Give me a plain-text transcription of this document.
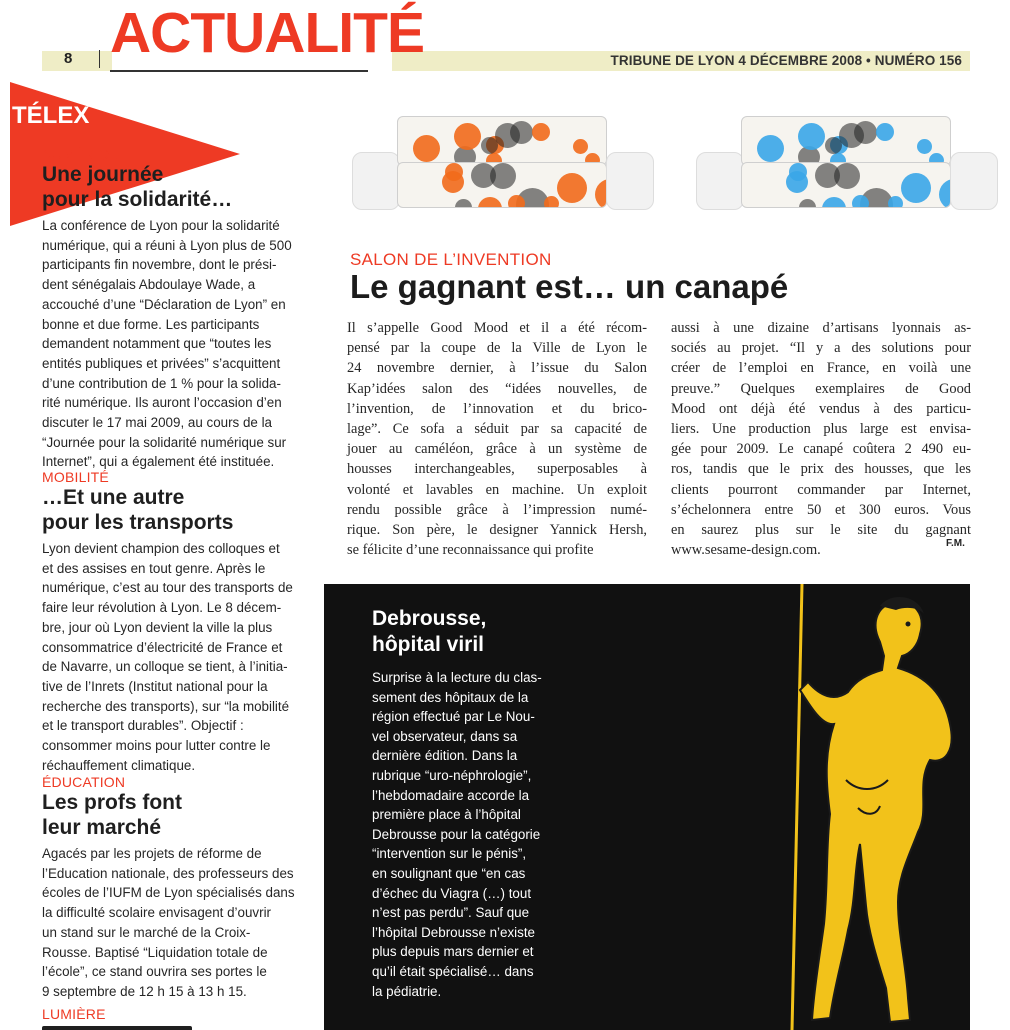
8 ACTUALITÉ	TRIBUNE DE LYON 4 DÉCEMBRE 2008 • NUMÉRO 156
TÉLEX
NUMÉRIQUE
Une journée
pour la solidarité…
La conférence de Lyon pour la solidarité
numérique, qui a réuni à Lyon plus de 500
participants fin novembre, dont le prési-
dent sénégalais Abdoulaye Wade, a
accouché d’une “Déclaration de Lyon” en
bonne et due forme. Les participants
demandent notamment que “toutes les
entités publiques et privées” s’acquittent
d’une contribution de 1 % pour la solida-
rité numérique. Ils auront l’occasion d’en
discuter le 17 mai 2009, au cours de la
“Journée pour la solidarité numérique sur
Internet”, qui a également été instituée.
MOBILITÉ
…Et une autre
pour les transports
Lyon devient champion des colloques et
et des assises en tout genre. Après le
numérique, c’est au tour des transports de
faire leur révolution à Lyon. Le 8 décem-
bre, jour où Lyon devient la ville la plus
consommatrice d’électricité de France et
de Navarre, un colloque se tient, à l’initia-
tive de l’Inrets (Institut national pour la
recherche des transports), sur “la mobilité
et le transport durables”. Objectif :
consommer moins pour lutter contre le
réchauffement climatique.
ÉDUCATION
Les profs font
leur marché
Agacés par les projets de réforme de
l’Education nationale, des professeurs des
écoles de l’IUFM de Lyon spécialisés dans
la difficulté scolaire envisagent d’ouvrir
un stand sur le marché de la Croix-
Rousse. Baptisé “Liquidation totale de
l’école”, ce stand ouvrira ses portes le
9 septembre de 12 h 15 à 13 h 15.
LUMIÈRE
SALON DE L’INVENTION
Le gagnant est… un canapé
Il s’appelle Good Mood et il a été récom-
pensé par la coupe de la Ville de Lyon le
24 novembre dernier, à l’issue du Salon
Kap’idées salon des “idées nouvelles, de
l’invention, de l’innovation et du brico-
lage”. Ce sofa a séduit par sa capacité de
jouer au caméléon, grâce à un système de
housses interchangeables, superposables à
volonté et lavables en machine. Un exploit
rendu possible grâce à l’impression numé-
rique. Son père, le designer Yannick Hersh,
se félicite d’une reconnaissance qui profite
aussi à une dizaine d’artisans lyonnais as-
sociés au projet. “Il y a des solutions pour
créer de l’emploi en France, en voilà une
preuve.” Quelques exemplaires de Good
Mood ont déjà été vendus à des particu-
liers. Une production plus large est envisa-
gée pour 2009. Le canapé coûtera 2 490 eu-
ros, tandis que le prix des housses, que les
clients pourront commander par Internet,
s’échelonnera entre 50 et 300 euros. Vous
en saurez plus sur le site du gagnant
www.sesame-design.com.	F.M.
Debrousse,
hôpital viril
Surprise à la lecture du clas-
sement des hôpitaux de la
région effectué par Le Nou-
vel observateur, dans sa
dernière édition. Dans la
rubrique “uro-néphrologie”,
l’hebdomadaire accorde la
première place à l’hôpital
Debrousse pour la catégorie
“intervention sur le pénis”,
en soulignant que “en cas
d’échec du Viagra (…) tout
n’est pas perdu”. Sauf que
l’hôpital Debrousse n’existe
plus depuis mars dernier et
qu’il était spécialisé… dans
la pédiatrie.
